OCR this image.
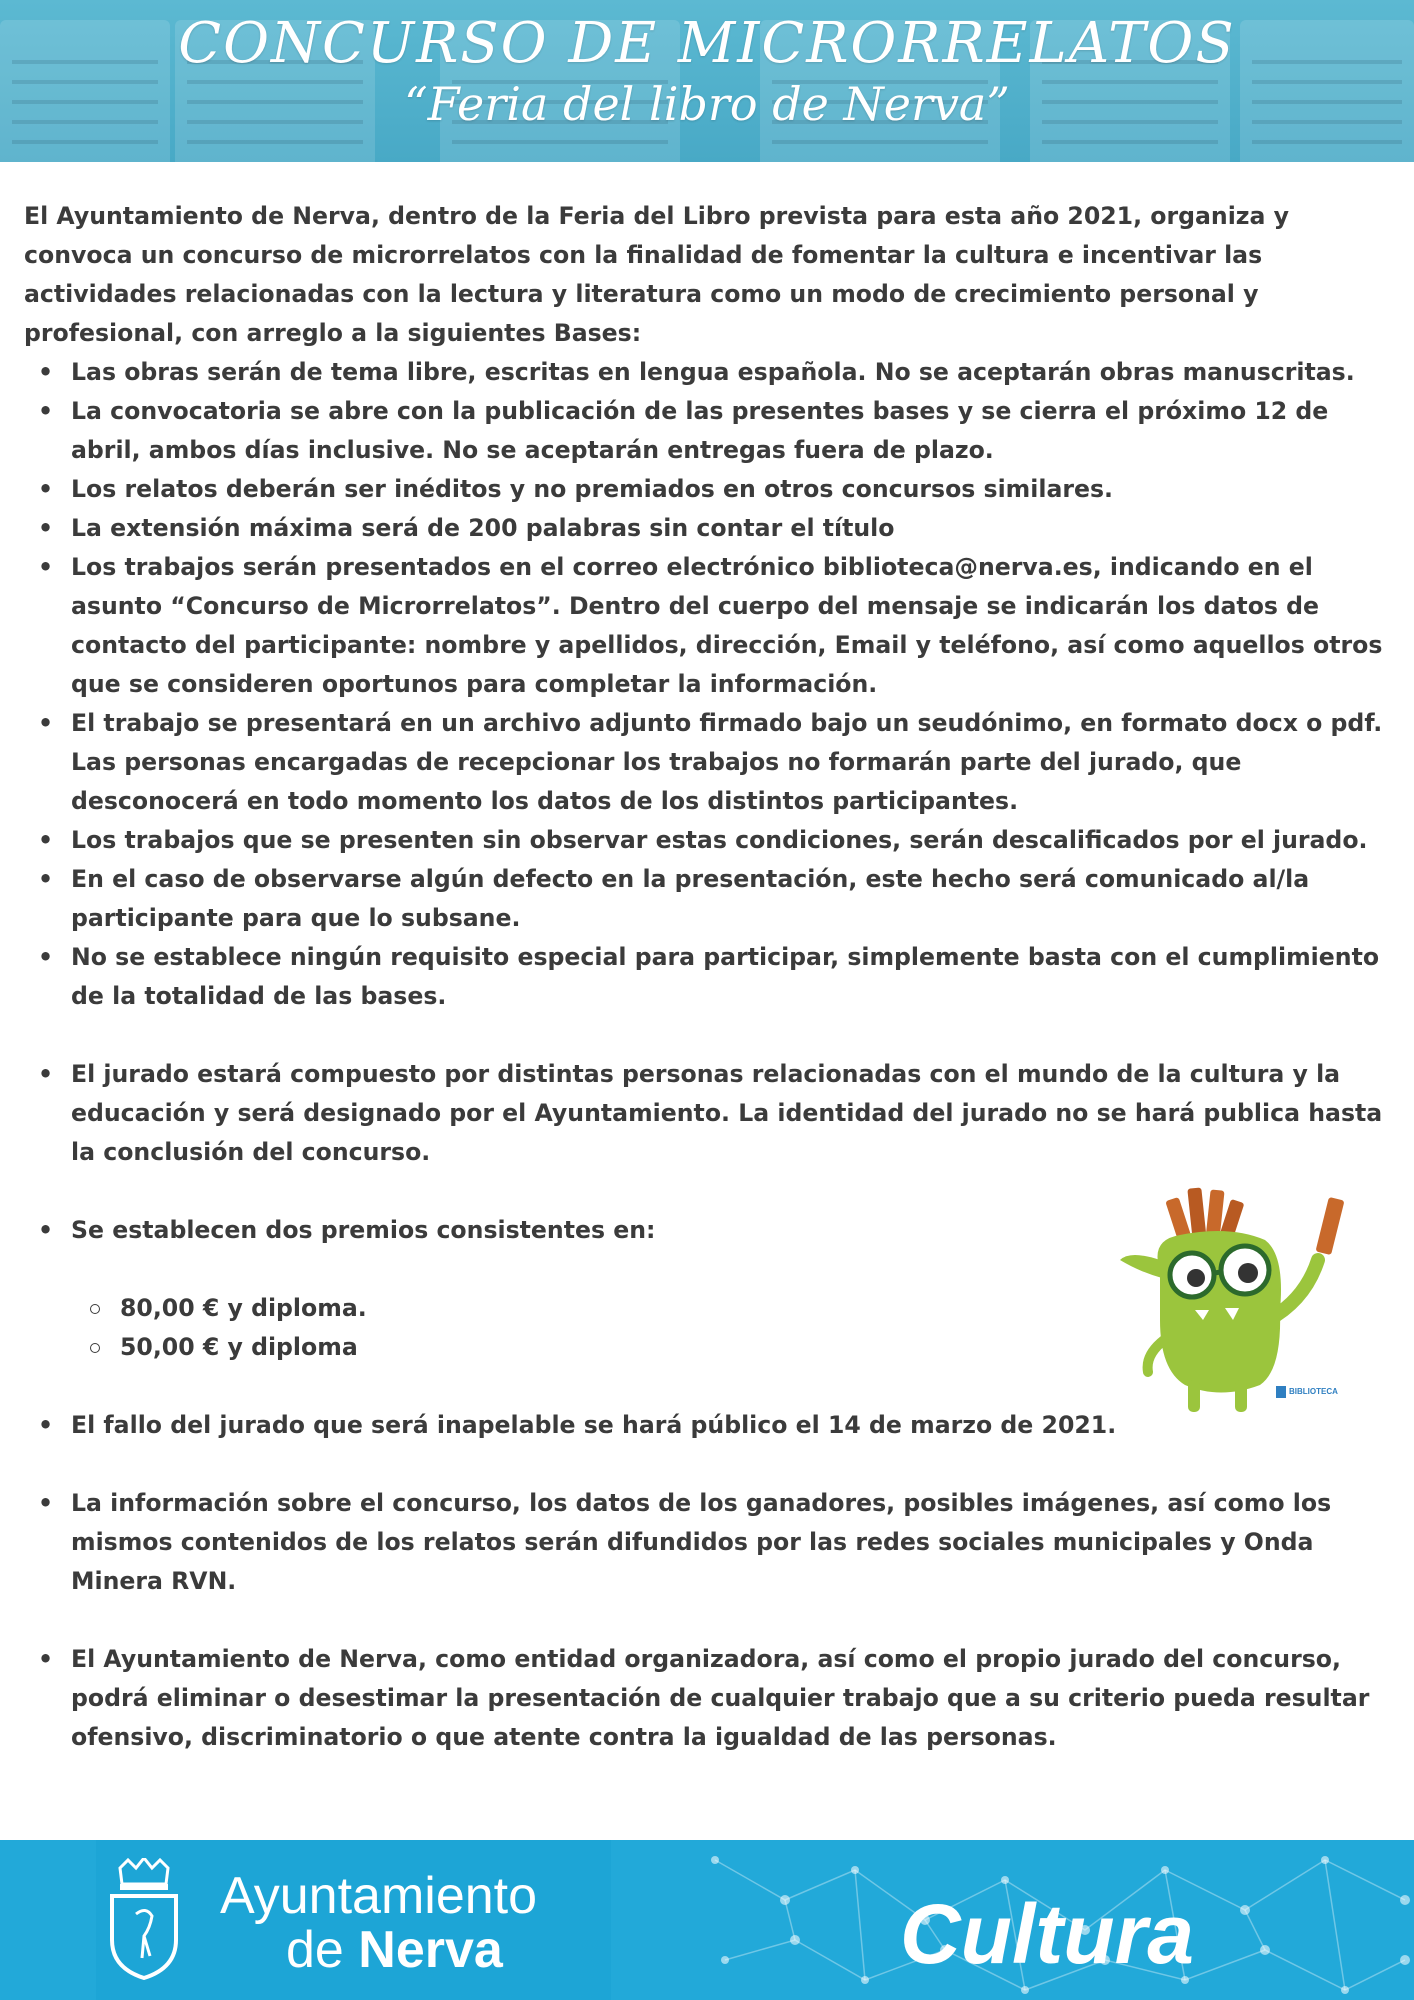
CONCURSO DE MICRORRELATOS
“Feria del libro de Nerva”

El Ayuntamiento de Nerva, dentro de la Feria del Libro prevista para esta año 2021, organiza y convoca un concurso de microrrelatos con la finalidad de fomentar la cultura e incentivar las actividades relacionadas con la lectura y literatura como un modo de crecimiento personal y profesional, con arreglo a la siguientes Bases:

• Las obras serán de tema libre, escritas en lengua española. No se aceptarán obras manuscritas.
• La convocatoria se abre con la publicación de las presentes bases y se cierra el próximo 12 de abril, ambos días inclusive. No se aceptarán entregas fuera de plazo.
• Los relatos deberán ser inéditos y no premiados en otros concursos similares.
• La extensión máxima será de 200 palabras sin contar el título
• Los trabajos serán presentados en el correo electrónico biblioteca@nerva.es, indicando en el asunto “Concurso de Microrrelatos”. Dentro del cuerpo del mensaje se indicarán los datos de contacto del participante: nombre y apellidos, dirección, Email y teléfono, así como aquellos otros que se consideren oportunos para completar la información.
• El trabajo se presentará en un archivo adjunto firmado bajo un seudónimo, en formato docx o pdf. Las personas encargadas de recepcionar los trabajos no formarán parte del jurado, que desconocerá en todo momento los datos de los distintos participantes.
• Los trabajos que se presenten sin observar estas condiciones, serán descalificados por el jurado.
• En el caso de observarse algún defecto en la presentación, este hecho será comunicado al/la participante para que lo subsane.
• No se establece ningún requisito especial para participar, simplemente basta con el cumplimiento de la totalidad de las bases.
• El jurado estará compuesto por distintas personas relacionadas con el mundo de la cultura y la educación y será designado por el Ayuntamiento. La identidad del jurado no se hará publica hasta la conclusión del concurso.
• Se establecen dos premios consistentes en:
80,00 € y diploma.
50,00 € y diploma
• El fallo del jurado que será inapelable se hará público el 14 de marzo de 2021.
• La información sobre el concurso, los datos de los ganadores, posibles imágenes, así como los mismos contenidos de los relatos serán difundidos por las redes sociales municipales y Onda Minera RVN.
• El Ayuntamiento de Nerva, como entidad organizadora, así como el propio jurado del concurso, podrá eliminar o desestimar la presentación de cualquier trabajo que a su criterio pueda resultar ofensivo, discriminatorio o que atente contra la igualdad de las personas.
BIBLIOTECA
Ayuntamiento
de Nerva	Cultura
